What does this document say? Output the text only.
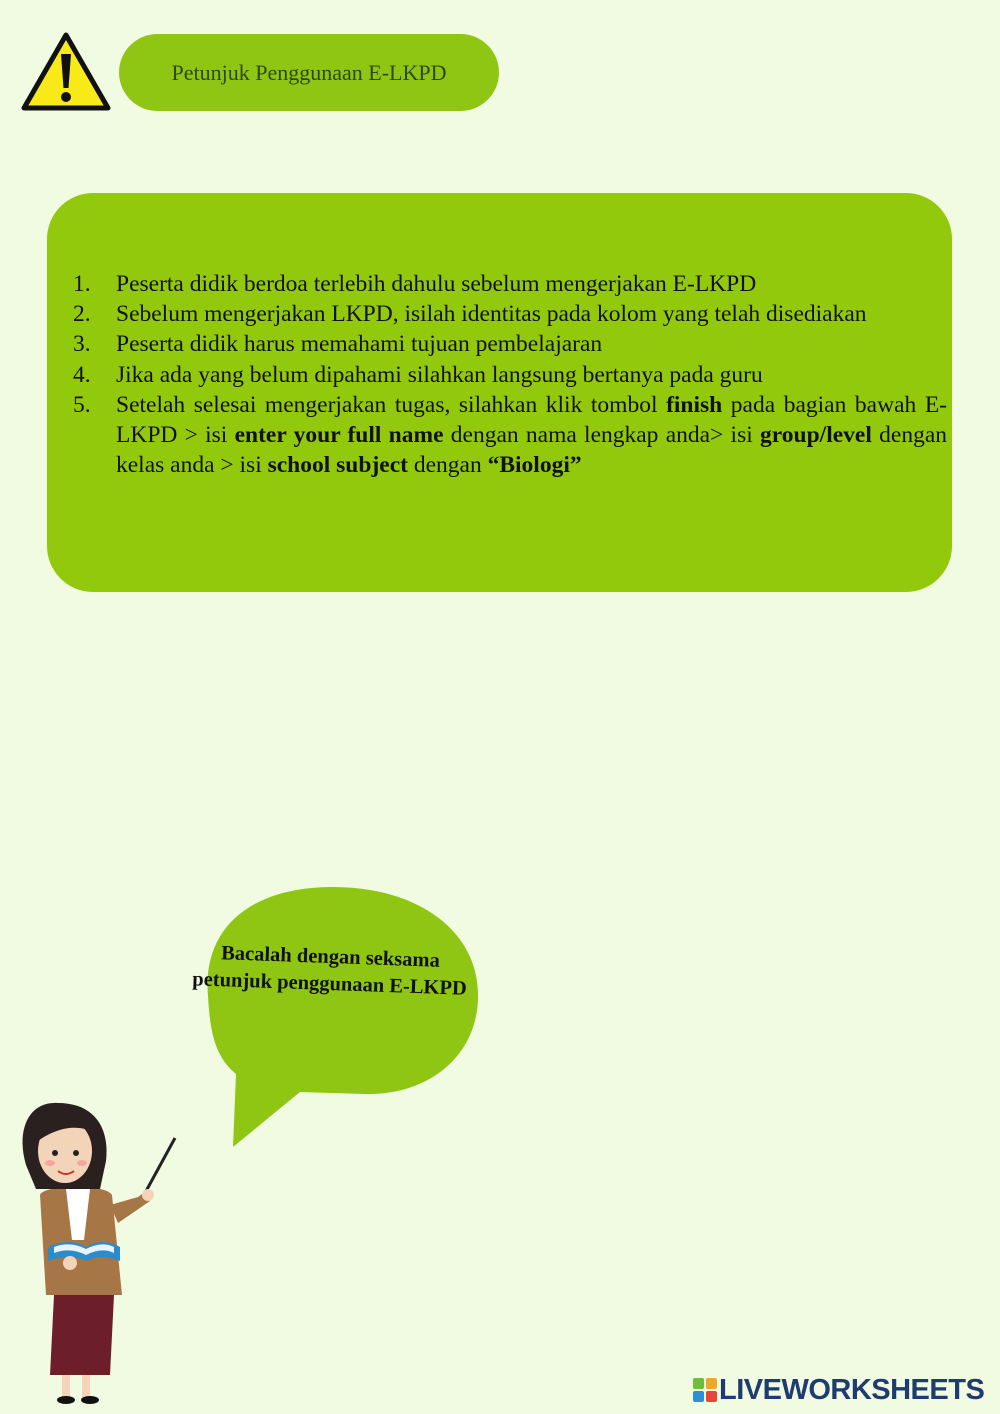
Petunjuk Penggunaan E-LKPD
1. Peserta didik berdoa terlebih dahulu sebelum mengerjakan E-LKPD
2. Sebelum mengerjakan LKPD, isilah identitas pada kolom yang telah disediakan
3. Peserta didik harus memahami tujuan pembelajaran
4. Jika ada yang belum dipahami silahkan langsung bertanya pada guru
5. Setelah selesai mengerjakan tugas, silahkan klik tombol finish pada bagian bawah E-LKPD > isi enter your full name dengan nama lengkap anda> isi group/level dengan kelas anda > isi school subject dengan “Biologi”
Bacalah dengan seksama petunjuk penggunaan E-LKPD
LIVEWORKSHEETS
